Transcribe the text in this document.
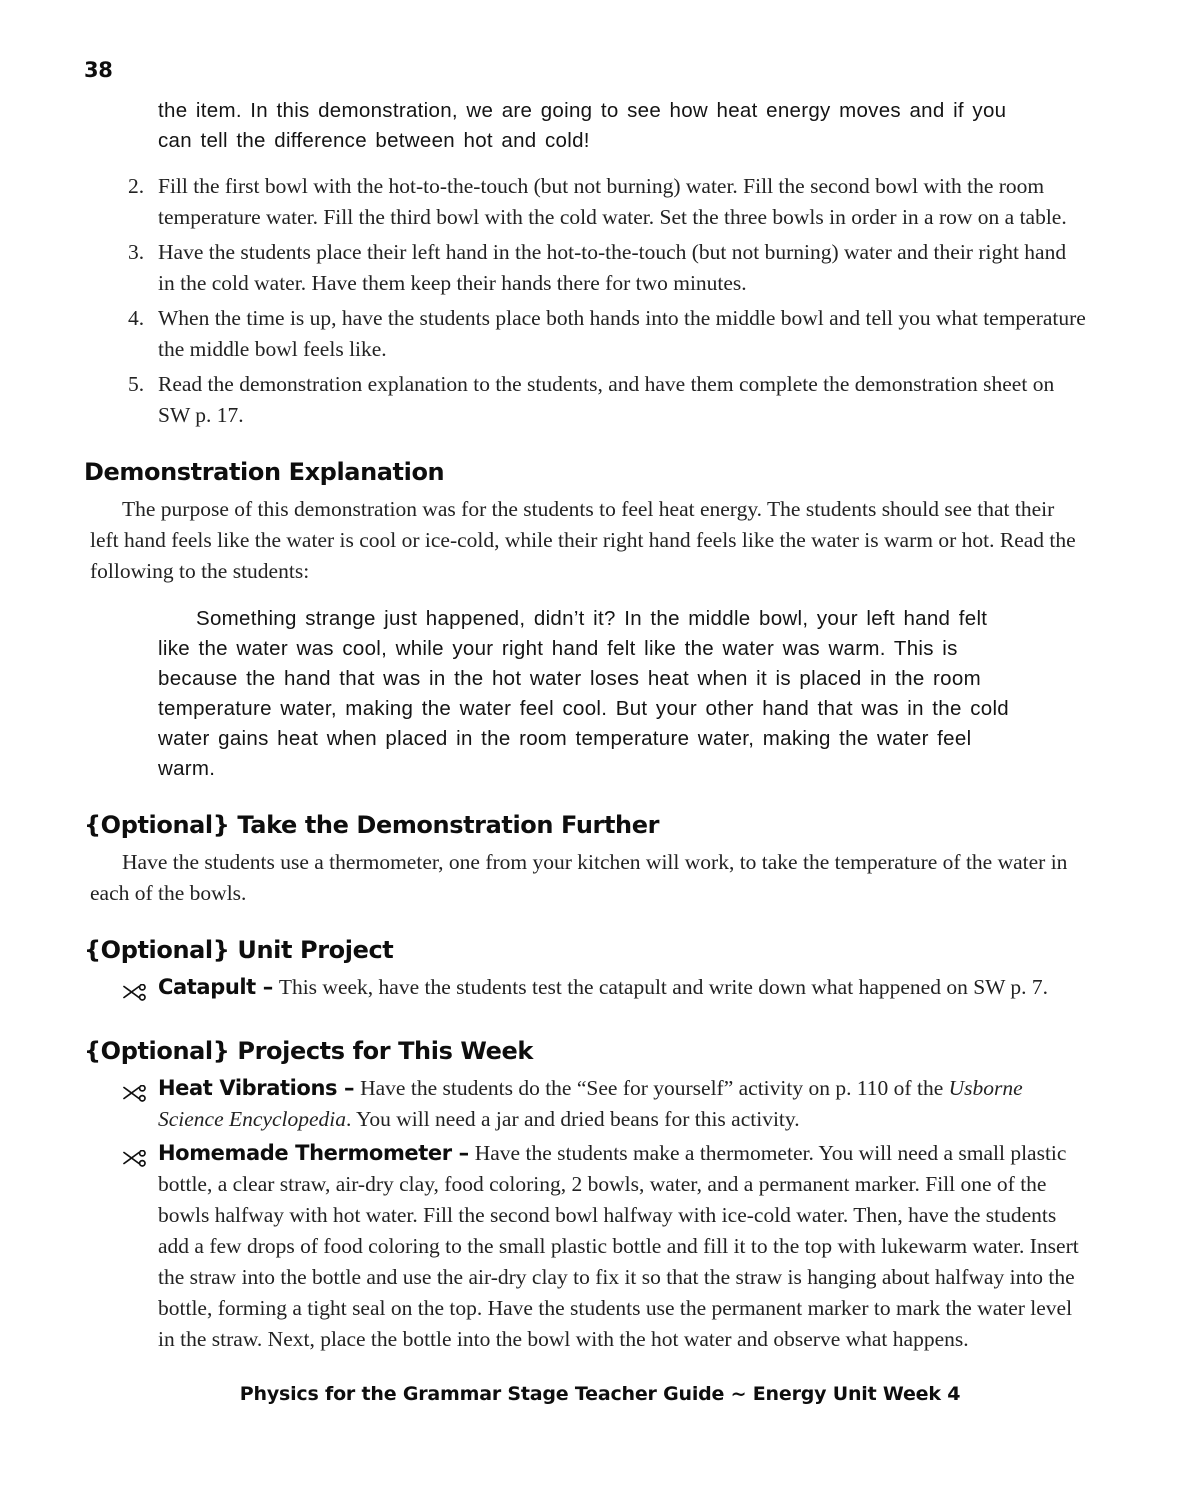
38
the item. In this demonstration, we are going to see how heat energy moves and if you can tell the difference between hot and cold!
2. Fill the first bowl with the hot-to-the-touch (but not burning) water. Fill the second bowl with the room temperature water. Fill the third bowl with the cold water. Set the three bowls in order in a row on a table.
3. Have the students place their left hand in the hot-to-the-touch (but not burning) water and their right hand in the cold water. Have them keep their hands there for two minutes.
4. When the time is up, have the students place both hands into the middle bowl and tell you what temperature the middle bowl feels like.
5. Read the demonstration explanation to the students, and have them complete the demonstration sheet on SW p. 17.
Demonstration Explanation
The purpose of this demonstration was for the students to feel heat energy. The students should see that their left hand feels like the water is cool or ice-cold, while their right hand feels like the water is warm or hot. Read the following to the students:
Something strange just happened, didn’t it? In the middle bowl, your left hand felt like the water was cool, while your right hand felt like the water was warm. This is because the hand that was in the hot water loses heat when it is placed in the room temperature water, making the water feel cool. But your other hand that was in the cold water gains heat when placed in the room temperature water, making the water feel warm.
{Optional} Take the Demonstration Further
Have the students use a thermometer, one from your kitchen will work, to take the temperature of the water in each of the bowls.
{Optional} Unit Project
Catapult – This week, have the students test the catapult and write down what happened on SW p. 7.
{Optional} Projects for This Week
Heat Vibrations – Have the students do the “See for yourself” activity on p. 110 of the Usborne Science Encyclopedia. You will need a jar and dried beans for this activity.
Homemade Thermometer – Have the students make a thermometer. You will need a small plastic bottle, a clear straw, air-dry clay, food coloring, 2 bowls, water, and a permanent marker. Fill one of the bowls halfway with hot water. Fill the second bowl halfway with ice-cold water. Then, have the students add a few drops of food coloring to the small plastic bottle and fill it to the top with lukewarm water. Insert the straw into the bottle and use the air-dry clay to fix it so that the straw is hanging about halfway into the bottle, forming a tight seal on the top. Have the students use the permanent marker to mark the water level in the straw. Next, place the bottle into the bowl with the hot water and observe what happens.
Physics for the Grammar Stage Teacher Guide ~ Energy Unit Week 4
